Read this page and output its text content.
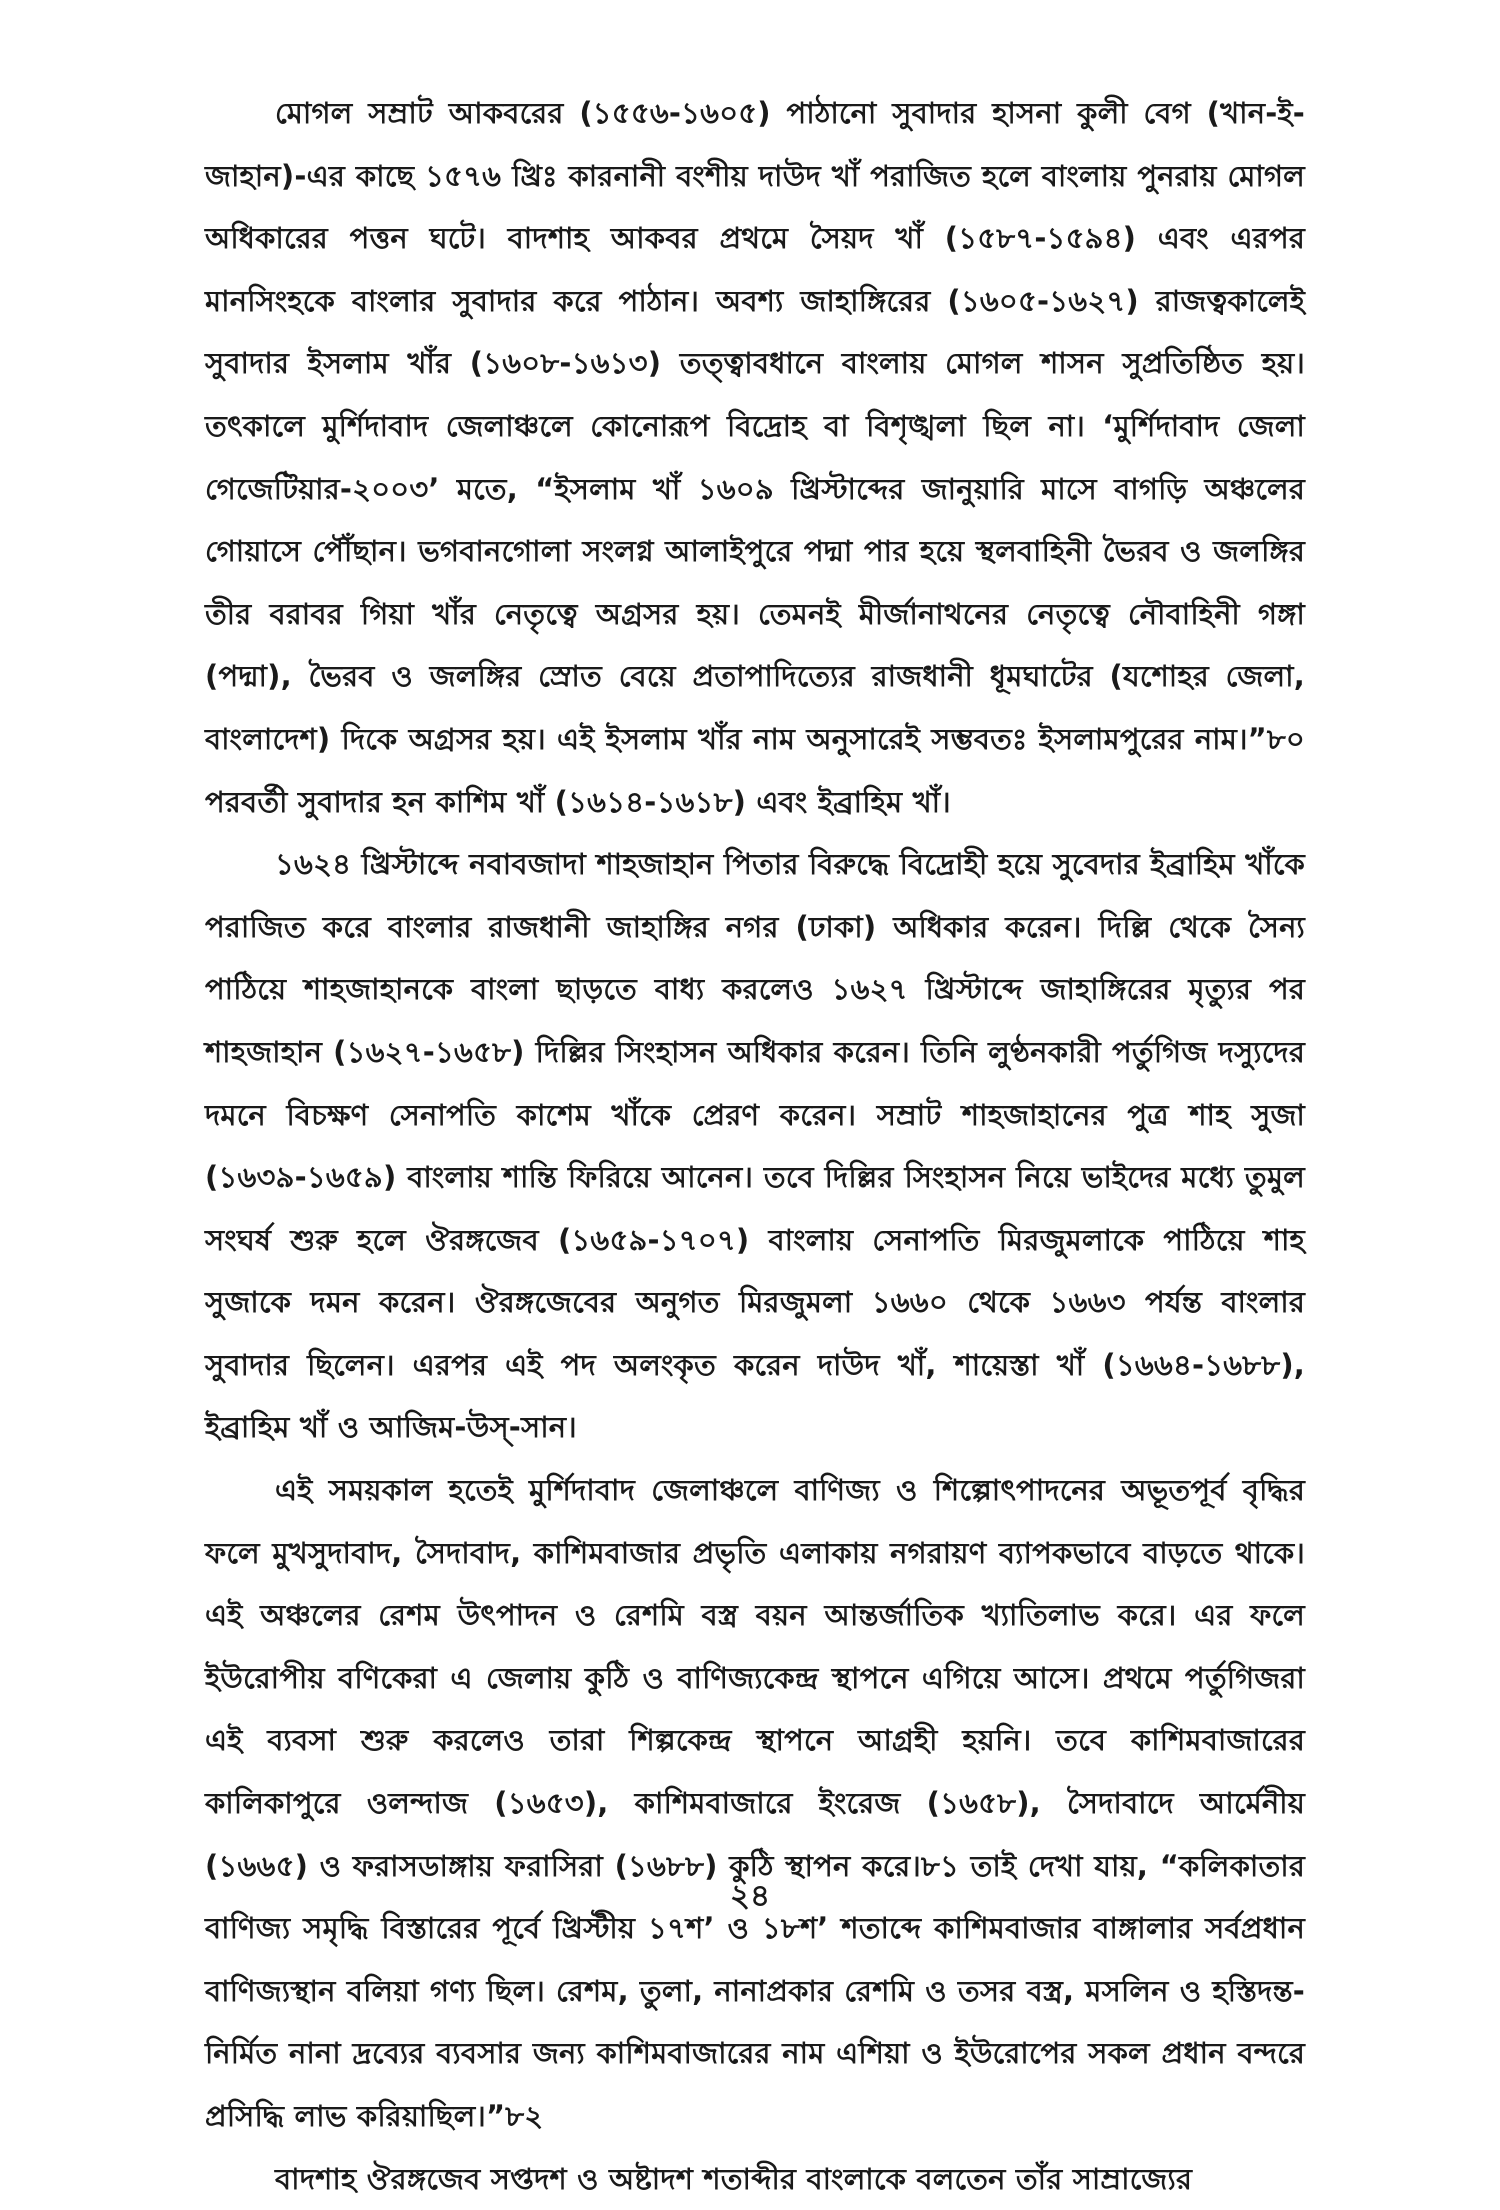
মোগল সম্রাট আকবরের (১৫৫৬-১৬০৫) পাঠানো সুবাদার হাসনা কুলী বেগ (খান-ই-জাহান)-এর কাছে ১৫৭৬ খ্রিঃ কারনানী বংশীয় দাউদ খাঁ পরাজিত হলে বাংলায় পুনরায় মোগল অধিকারের পত্তন ঘটে। বাদশাহ আকবর প্রথমে সৈয়দ খাঁ (১৫৮৭-১৫৯৪) এবং এরপর মানসিংহকে বাংলার সুবাদার করে পাঠান। অবশ্য জাহাঙ্গিরের (১৬০৫-১৬২৭) রাজত্বকালেই সুবাদার ইসলাম খাঁর (১৬০৮-১৬১৩) তত্ত্বাবধানে বাংলায় মোগল শাসন সুপ্রতিষ্ঠিত হয়। তৎকালে মুর্শিদাবাদ জেলাঞ্চলে কোনোরূপ বিদ্রোহ বা বিশৃঙ্খলা ছিল না। ‘মুর্শিদাবাদ জেলা গেজেটিয়ার-২০০৩’ মতে, “ইসলাম খাঁ ১৬০৯ খ্রিস্টাব্দের জানুয়ারি মাসে বাগড়ি অঞ্চলের গোয়াসে পৌঁছান। ভগবানগোলা সংলগ্ন আলাইপুরে পদ্মা পার হয়ে স্থলবাহিনী ভৈরব ও জলঙ্গির তীর বরাবর গিয়া খাঁর নেতৃত্বে অগ্রসর হয়। তেমনই মীর্জানাথনের নেতৃত্বে নৌবাহিনী গঙ্গা (পদ্মা), ভৈরব ও জলঙ্গির স্রোত বেয়ে প্রতাপাদিত্যের রাজধানী ধূমঘাটের (যশোহর জেলা, বাংলাদেশ) দিকে অগ্রসর হয়। এই ইসলাম খাঁর নাম অনুসারেই সম্ভবতঃ ইসলামপুরের নাম।”৮০ পরবর্তী সুবাদার হন কাশিম খাঁ (১৬১৪-১৬১৮) এবং ইব্রাহিম খাঁ।

১৬২৪ খ্রিস্টাব্দে নবাবজাদা শাহজাহান পিতার বিরুদ্ধে বিদ্রোহী হয়ে সুবেদার ইব্রাহিম খাঁকে পরাজিত করে বাংলার রাজধানী জাহাঙ্গির নগর (ঢাকা) অধিকার করেন। দিল্লি থেকে সৈন্য পাঠিয়ে শাহজাহানকে বাংলা ছাড়তে বাধ্য করলেও ১৬২৭ খ্রিস্টাব্দে জাহাঙ্গিরের মৃত্যুর পর শাহজাহান (১৬২৭-১৬৫৮) দিল্লির সিংহাসন অধিকার করেন। তিনি লুণ্ঠনকারী পর্তুগিজ দস্যুদের দমনে বিচক্ষণ সেনাপতি কাশেম খাঁকে প্রেরণ করেন। সম্রাট শাহজাহানের পুত্র শাহ সুজা (১৬৩৯-১৬৫৯) বাংলায় শান্তি ফিরিয়ে আনেন। তবে দিল্লির সিংহাসন নিয়ে ভাইদের মধ্যে তুমুল সংঘর্ষ শুরু হলে ঔরঙ্গজেব (১৬৫৯-১৭০৭) বাংলায় সেনাপতি মিরজুমলাকে পাঠিয়ে শাহ সুজাকে দমন করেন। ঔরঙ্গজেবের অনুগত মিরজুমলা ১৬৬০ থেকে ১৬৬৩ পর্যন্ত বাংলার সুবাদার ছিলেন। এরপর এই পদ অলংকৃত করেন দাউদ খাঁ, শায়েস্তা খাঁ (১৬৬৪-১৬৮৮), ইব্রাহিম খাঁ ও আজিম-উস্-সান।

এই সময়কাল হতেই মুর্শিদাবাদ জেলাঞ্চলে বাণিজ্য ও শিল্পোৎপাদনের অভূতপূর্ব বৃদ্ধির ফলে মুখসুদাবাদ, সৈদাবাদ, কাশিমবাজার প্রভৃতি এলাকায় নগরায়ণ ব্যাপকভাবে বাড়তে থাকে। এই অঞ্চলের রেশম উৎপাদন ও রেশমি বস্ত্র বয়ন আন্তর্জাতিক খ্যাতিলাভ করে। এর ফলে ইউরোপীয় বণিকেরা এ জেলায় কুঠি ও বাণিজ্যকেন্দ্র স্থাপনে এগিয়ে আসে। প্রথমে পর্তুগিজরা এই ব্যবসা শুরু করলেও তারা শিল্পকেন্দ্র স্থাপনে আগ্রহী হয়নি। তবে কাশিমবাজারের কালিকাপুরে ওলন্দাজ (১৬৫৩), কাশিমবাজারে ইংরেজ (১৬৫৮), সৈদাবাদে আর্মেনীয় (১৬৬৫) ও ফরাসডাঙ্গায় ফরাসিরা (১৬৮৮) কুঠি স্থাপন করে।৮১ তাই দেখা যায়, “কলিকাতার বাণিজ্য সমৃদ্ধি বিস্তারের পূর্বে খ্রিস্টীয় ১৭শ’ ও ১৮শ’ শতাব্দে কাশিমবাজার বাঙ্গালার সর্বপ্রধান বাণিজ্যস্থান বলিয়া গণ্য ছিল। রেশম, তুলা, নানাপ্রকার রেশমি ও তসর বস্ত্র, মসলিন ও হস্তিদন্ত-নির্মিত নানা দ্রব্যের ব্যবসার জন্য কাশিমবাজারের নাম এশিয়া ও ইউরোপের সকল প্রধান বন্দরে প্রসিদ্ধি লাভ করিয়াছিল।”৮২

বাদশাহ ঔরঙ্গজেব সপ্তদশ ও অষ্টাদশ শতাব্দীর বাংলাকে বলতেন তাঁর সাম্রাজ্যের

২৪
